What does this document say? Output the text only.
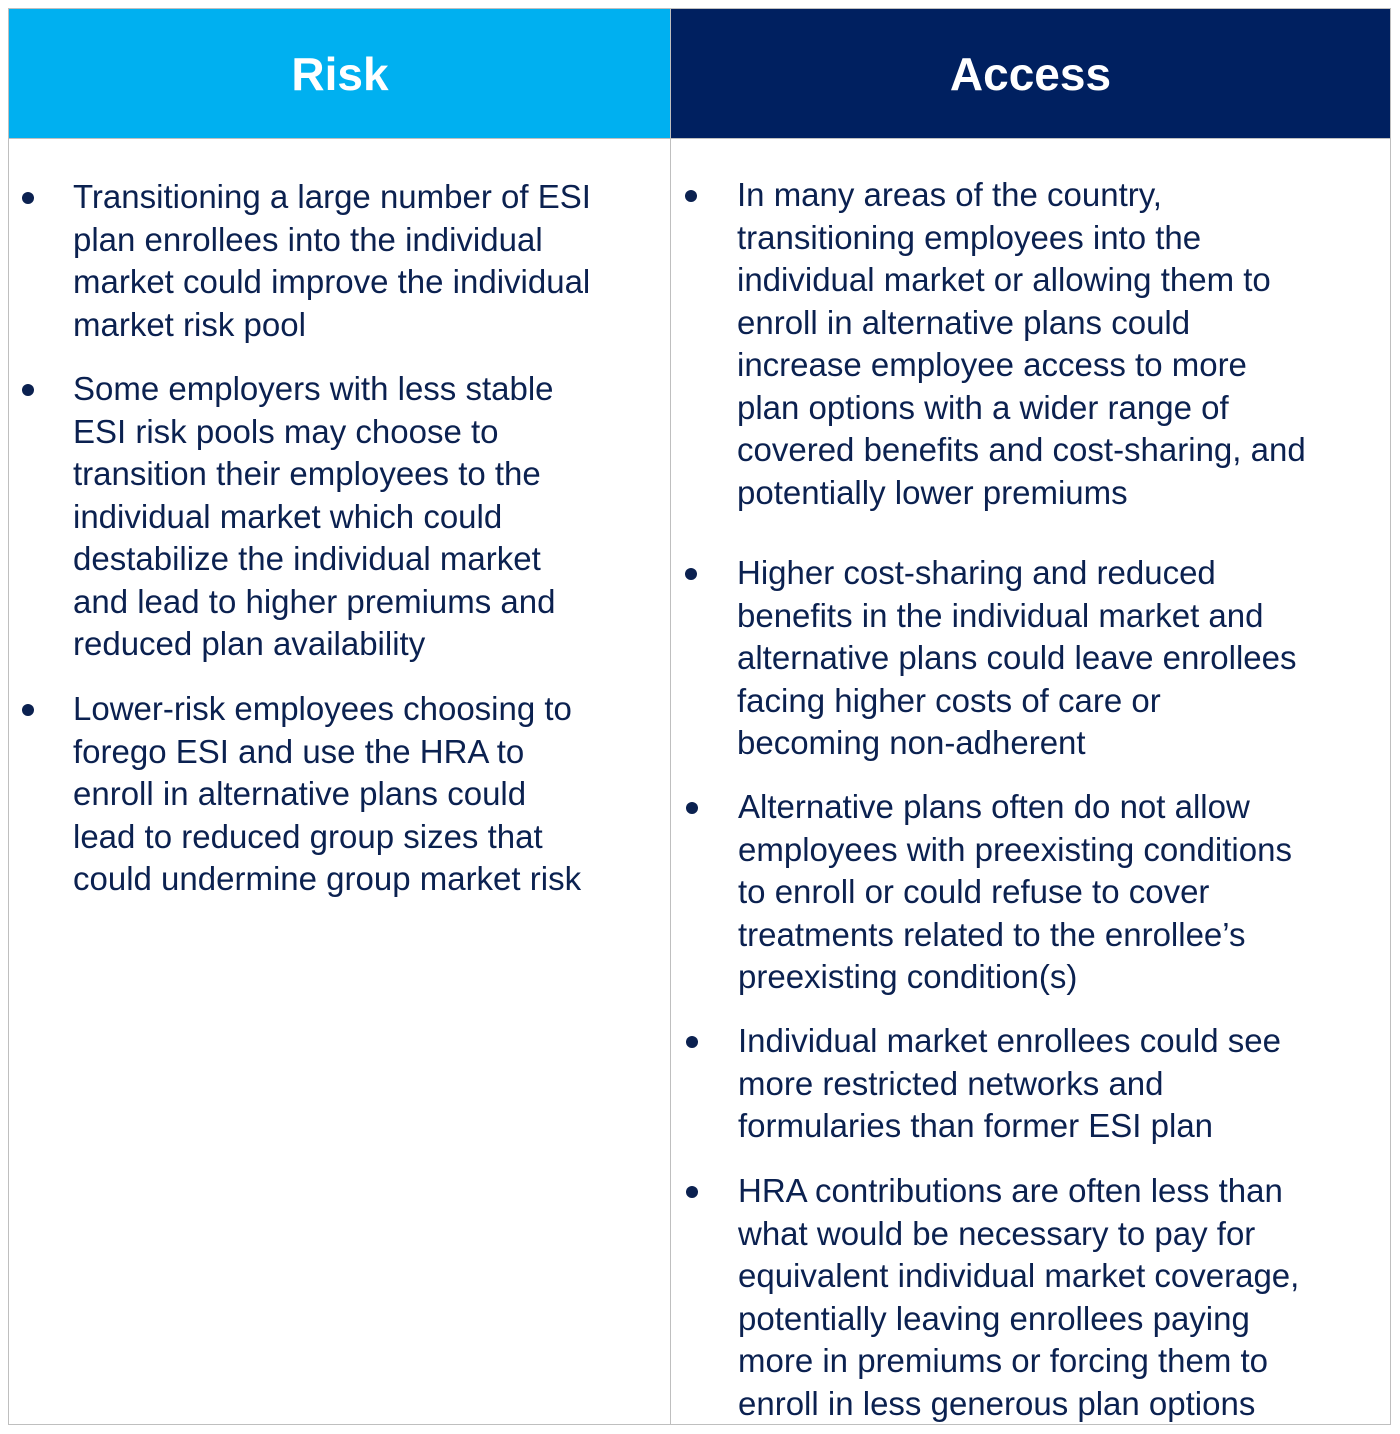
Risk	Access
Transitioning a large number of ESI
plan enrollees into the individual
market could improve the individual
market risk pool
Some employers with less stable
ESI risk pools may choose to
transition their employees to the
individual market which could
destabilize the individual market
and lead to higher premiums and
reduced plan availability
Lower-risk employees choosing to
forego ESI and use the HRA to
enroll in alternative plans could
lead to reduced group sizes that
could undermine group market risk
In many areas of the country,
transitioning employees into the
individual market or allowing them to
enroll in alternative plans could
increase employee access to more
plan options with a wider range of
covered benefits and cost-sharing, and
potentially lower premiums
Higher cost-sharing and reduced
benefits in the individual market and
alternative plans could leave enrollees
facing higher costs of care or
becoming non-adherent
Alternative plans often do not allow
employees with preexisting conditions
to enroll or could refuse to cover
treatments related to the enrollee’s
preexisting condition(s)
Individual market enrollees could see
more restricted networks and
formularies than former ESI plan
HRA contributions are often less than
what would be necessary to pay for
equivalent individual market coverage,
potentially leaving enrollees paying
more in premiums or forcing them to
enroll in less generous plan options
